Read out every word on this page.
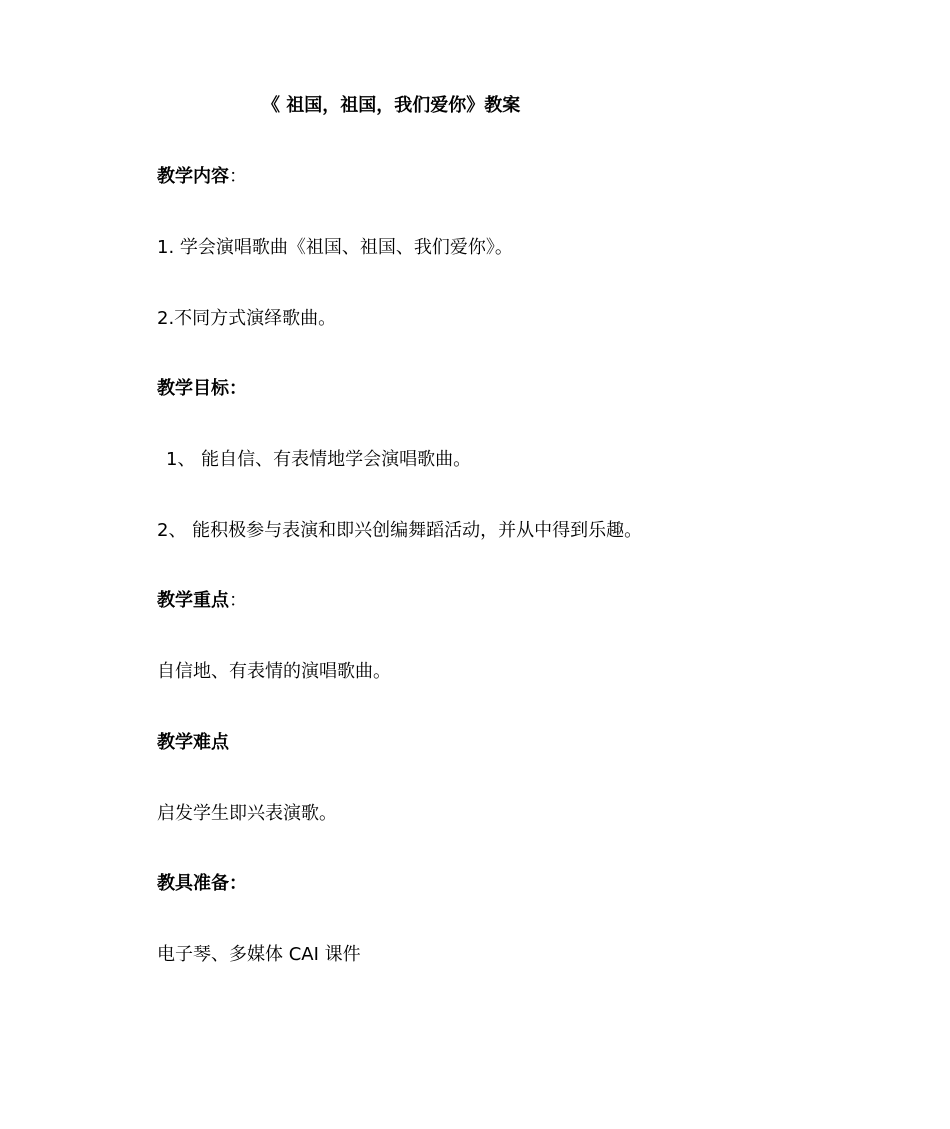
《 祖国，祖国，我们爱你》教案
教学内容：
1. 学会演唱歌曲《祖国、祖国、我们爱你》。
2.不同方式演绎歌曲。
教学目标：
1、 能自信、有表情地学会演唱歌曲。
2、 能积极参与表演和即兴创编舞蹈活动，并从中得到乐趣。
教学重点：
自信地、有表情的演唱歌曲。
教学难点
启发学生即兴表演歌。
教具准备：
电子琴、多媒体 CAI 课件
